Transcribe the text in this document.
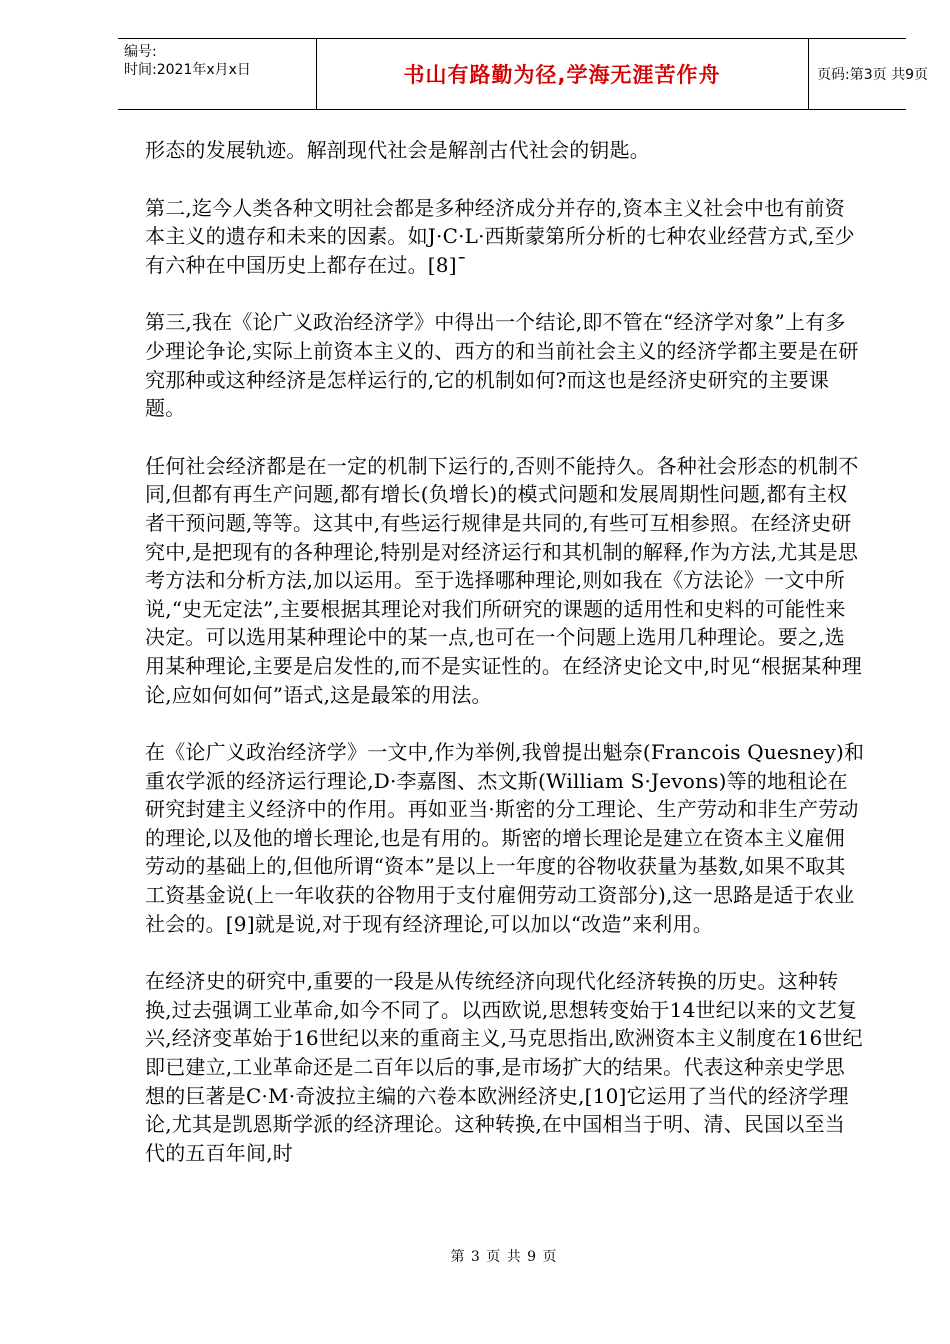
编号:
时间:2021年x月x日	书山有路勤为径,学海无涯苦作舟	页码:第3页 共9页

形态的发展轨迹。解剖现代社会是解剖古代社会的钥匙。

第二,迄今人类各种文明社会都是多种经济成分并存的,资本主义社会中也有前资本主义的遗存和未来的因素。如J·C·L·西斯蒙第所分析的七种农业经营方式,至少有六种在中国历史上都存在过。[8]¯

第三,我在《论广义政治经济学》中得出一个结论,即不管在“经济学对象”上有多少理论争论,实际上前资本主义的、西方的和当前社会主义的经济学都主要是在研究那种或这种经济是怎样运行的,它的机制如何?而这也是经济史研究的主要课题。

任何社会经济都是在一定的机制下运行的,否则不能持久。各种社会形态的机制不同,但都有再生产问题,都有增长(负增长)的模式问题和发展周期性问题,都有主权者干预问题,等等。这其中,有些运行规律是共同的,有些可互相参照。在经济史研究中,是把现有的各种理论,特别是对经济运行和其机制的解释,作为方法,尤其是思考方法和分析方法,加以运用。至于选择哪种理论,则如我在《方法论》一文中所说,“史无定法”,主要根据其理论对我们所研究的课题的适用性和史料的可能性来决定。可以选用某种理论中的某一点,也可在一个问题上选用几种理论。要之,选用某种理论,主要是启发性的,而不是实证性的。在经济史论文中,时见“根据某种理论,应如何如何”语式,这是最笨的用法。

在《论广义政治经济学》一文中,作为举例,我曾提出魁奈(Francois Quesney)和重农学派的经济运行理论,D·李嘉图、杰文斯(William S·Jevons)等的地租论在研究封建主义经济中的作用。再如亚当·斯密的分工理论、生产劳动和非生产劳动的理论,以及他的增长理论,也是有用的。斯密的增长理论是建立在资本主义雇佣劳动的基础上的,但他所谓“资本”是以上一年度的谷物收获量为基数,如果不取其工资基金说(上一年收获的谷物用于支付雇佣劳动工资部分),这一思路是适于农业社会的。[9]就是说,对于现有经济理论,可以加以“改造”来利用。

在经济史的研究中,重要的一段是从传统经济向现代化经济转换的历史。这种转换,过去强调工业革命,如今不同了。以西欧说,思想转变始于14世纪以来的文艺复兴,经济变革始于16世纪以来的重商主义,马克思指出,欧洲资本主义制度在16世纪即已建立,工业革命还是二百年以后的事,是市场扩大的结果。代表这种亲史学思想的巨著是C·M·奇波拉主编的六卷本欧洲经济史,[10]它运用了当代的经济学理论,尤其是凯恩斯学派的经济理论。这种转换,在中国相当于明、清、民国以至当代的五百年间,时

第 3 页 共 9 页
